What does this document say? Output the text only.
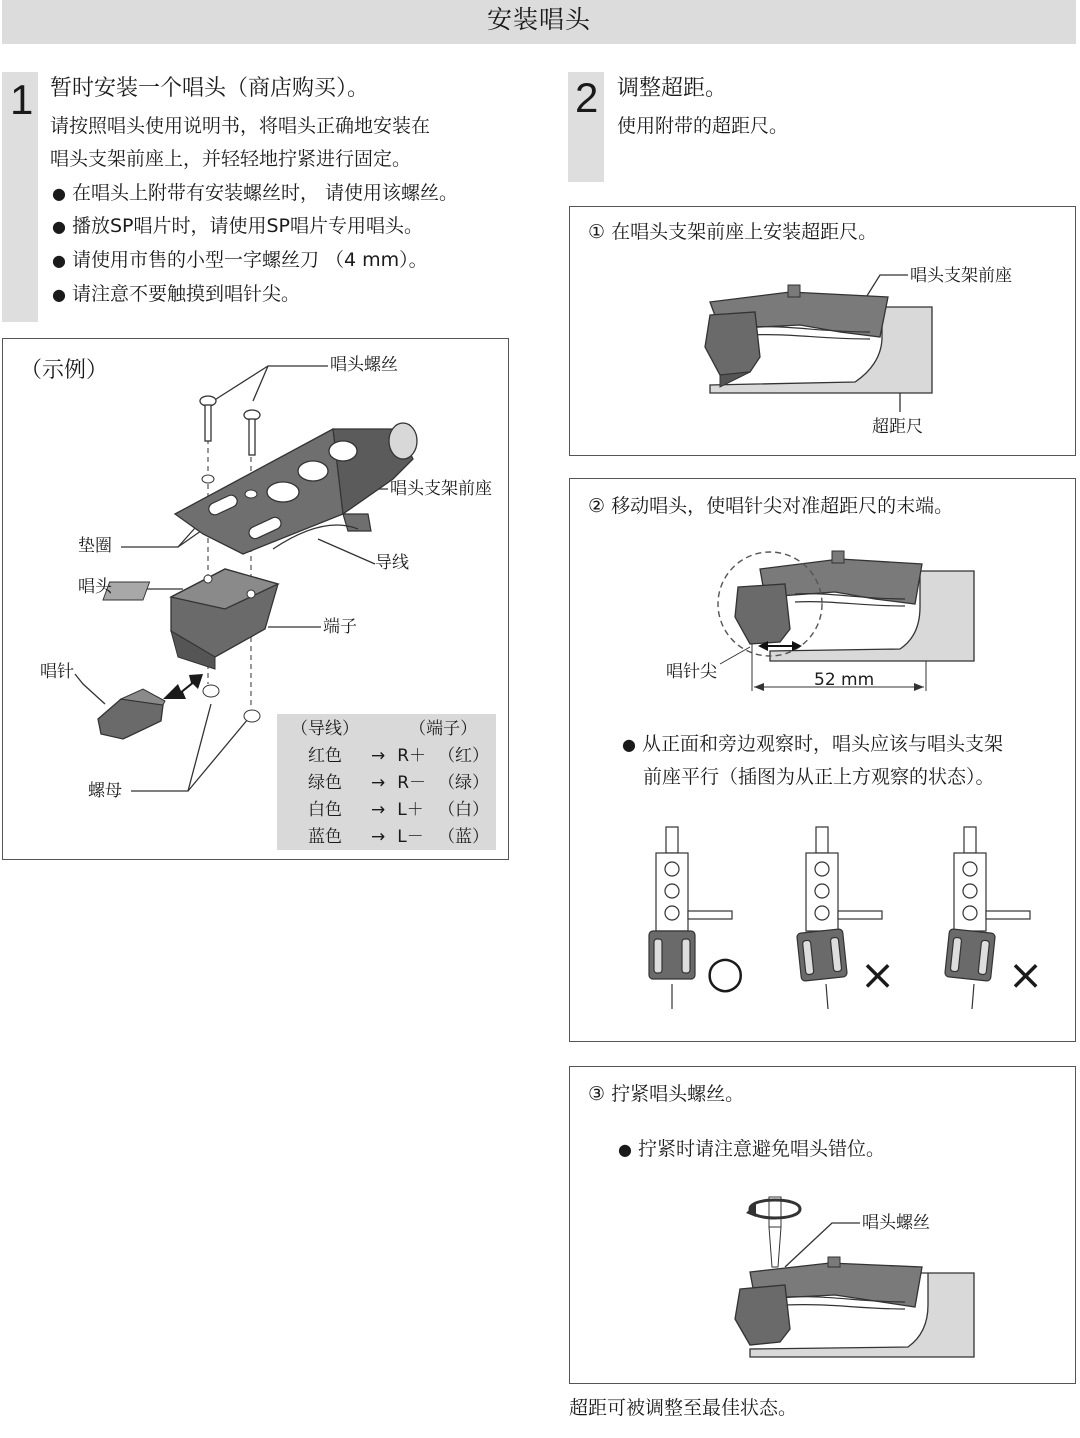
安装唱头
1 暂时安装一个唱头（商店购买）。
请按照唱头使用说明书，将唱头正确地安装在
唱头支架前座上，并轻轻地拧紧进行固定。
● 在唱头上附带有安装螺丝时， 请使用该螺丝。
● 播放SP唱片时，请使用SP唱片专用唱头。
● 请使用市售的小型一字螺丝刀 （4 mm）。
● 请注意不要触摸到唱针尖。
（示例）	唱头螺丝
唱头支架前座
垫圈
导线
唱头
端子
唱针
螺母
（导线）		（端子）	
红色	→	R＋	（红）
绿色	→	R－	（绿）
白色	→	L＋	（白）
蓝色	→	L－	（蓝）
2 调整超距。
使用附带的超距尺。
① 在唱头支架前座上安装超距尺。
唱头支架前座
超距尺
② 移动唱头，使唱针尖对准超距尺的末端。
唱针尖	52 mm
● 从正面和旁边观察时，唱头应该与唱头支架
前座平行（插图为从正上方观察的状态）。
○	×	×
③ 拧紧唱头螺丝。
● 拧紧时请注意避免唱头错位。
唱头螺丝
超距可被调整至最佳状态。
